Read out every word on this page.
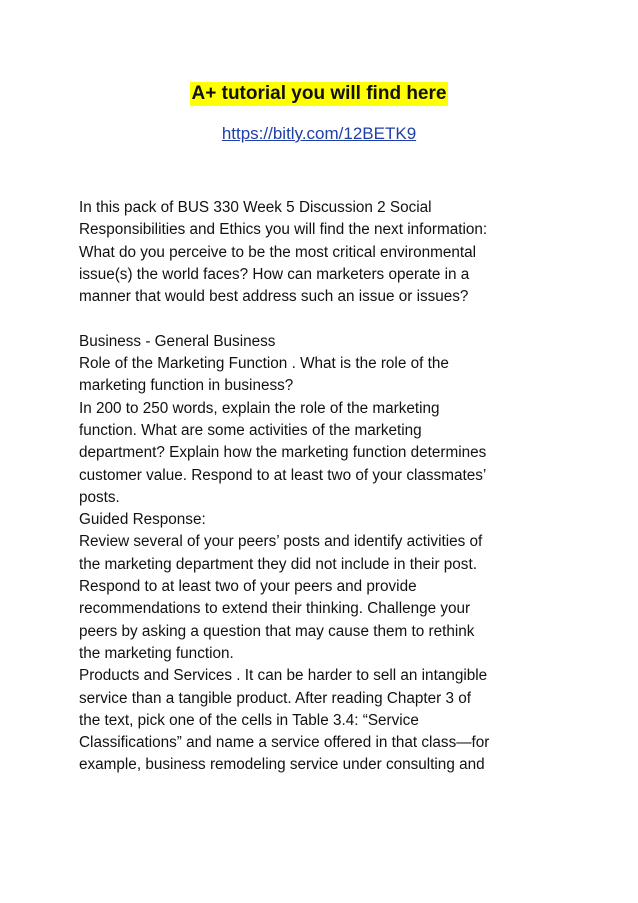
A+ tutorial you will find here
https://bitly.com/12BETK9

In this pack of BUS 330 Week 5 Discussion 2 Social
Responsibilities and Ethics you will find the next information:
What do you perceive to be the most critical environmental
issue(s) the world faces? How can marketers operate in a
manner that would best address such an issue or issues?

Business - General Business
Role of the Marketing Function . What is the role of the
marketing function in business?
In 200 to 250 words, explain the role of the marketing
function. What are some activities of the marketing
department? Explain how the marketing function determines
customer value. Respond to at least two of your classmates’
posts.
Guided Response:
Review several of your peers’ posts and identify activities of
the marketing department they did not include in their post.
Respond to at least two of your peers and provide
recommendations to extend their thinking. Challenge your
peers by asking a question that may cause them to rethink
the marketing function.
Products and Services . It can be harder to sell an intangible
service than a tangible product. After reading Chapter 3 of
the text, pick one of the cells in Table 3.4: “Service
Classifications” and name a service offered in that class—for
example, business remodeling service under consulting and
